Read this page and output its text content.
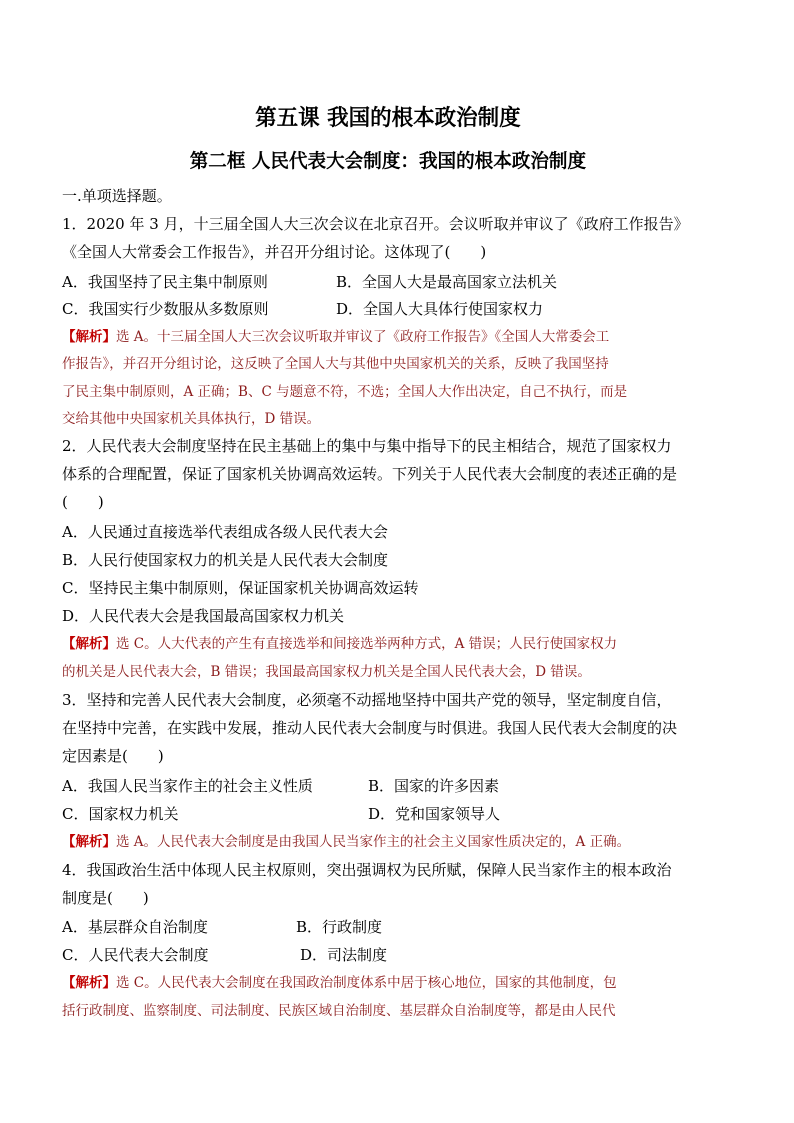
第五课 我国的根本政治制度
第二框 人民代表大会制度：我国的根本政治制度
一.单项选择题。
1．2020 年 3 月，十三届全国人大三次会议在北京召开。会议听取并审议了《政府工作报告》
《全国人大常委会工作报告》，并召开分组讨论。这体现了(　　)
A．我国坚持了民主集中制原则	B．全国人大是最高国家立法机关
C．我国实行少数服从多数原则	D．全国人大具体行使国家权力
【解析】选 A。十三届全国人大三次会议听取并审议了《政府工作报告》《全国人大常委会工
作报告》，并召开分组讨论，这反映了全国人大与其他中央国家机关的关系，反映了我国坚持
了民主集中制原则，A 正确；B、C 与题意不符，不选；全国人大作出决定，自己不执行，而是
交给其他中央国家机关具体执行，D 错误。
2．人民代表大会制度坚持在民主基础上的集中与集中指导下的民主相结合，规范了国家权力
体系的合理配置，保证了国家机关协调高效运转。下列关于人民代表大会制度的表述正确的是
(　　)
A．人民通过直接选举代表组成各级人民代表大会
B．人民行使国家权力的机关是人民代表大会制度
C．坚持民主集中制原则，保证国家机关协调高效运转
D．人民代表大会是我国最高国家权力机关
【解析】选 C。人大代表的产生有直接选举和间接选举两种方式，A 错误；人民行使国家权力
的机关是人民代表大会，B 错误；我国最高国家权力机关是全国人民代表大会，D 错误。
3．坚持和完善人民代表大会制度，必须毫不动摇地坚持中国共产党的领导，坚定制度自信，
在坚持中完善，在实践中发展，推动人民代表大会制度与时俱进。我国人民代表大会制度的决
定因素是(　　)
A．我国人民当家作主的社会主义性质	B．国家的许多因素
C．国家权力机关	D．党和国家领导人
【解析】选 A。人民代表大会制度是由我国人民当家作主的社会主义国家性质决定的，A 正确。
4．我国政治生活中体现人民主权原则，突出强调权为民所赋，保障人民当家作主的根本政治
制度是(　　)
A．基层群众自治制度	B．行政制度
C．人民代表大会制度	D．司法制度
【解析】选 C。人民代表大会制度在我国政治制度体系中居于核心地位，国家的其他制度，包
括行政制度、监察制度、司法制度、民族区域自治制度、基层群众自治制度等，都是由人民代
